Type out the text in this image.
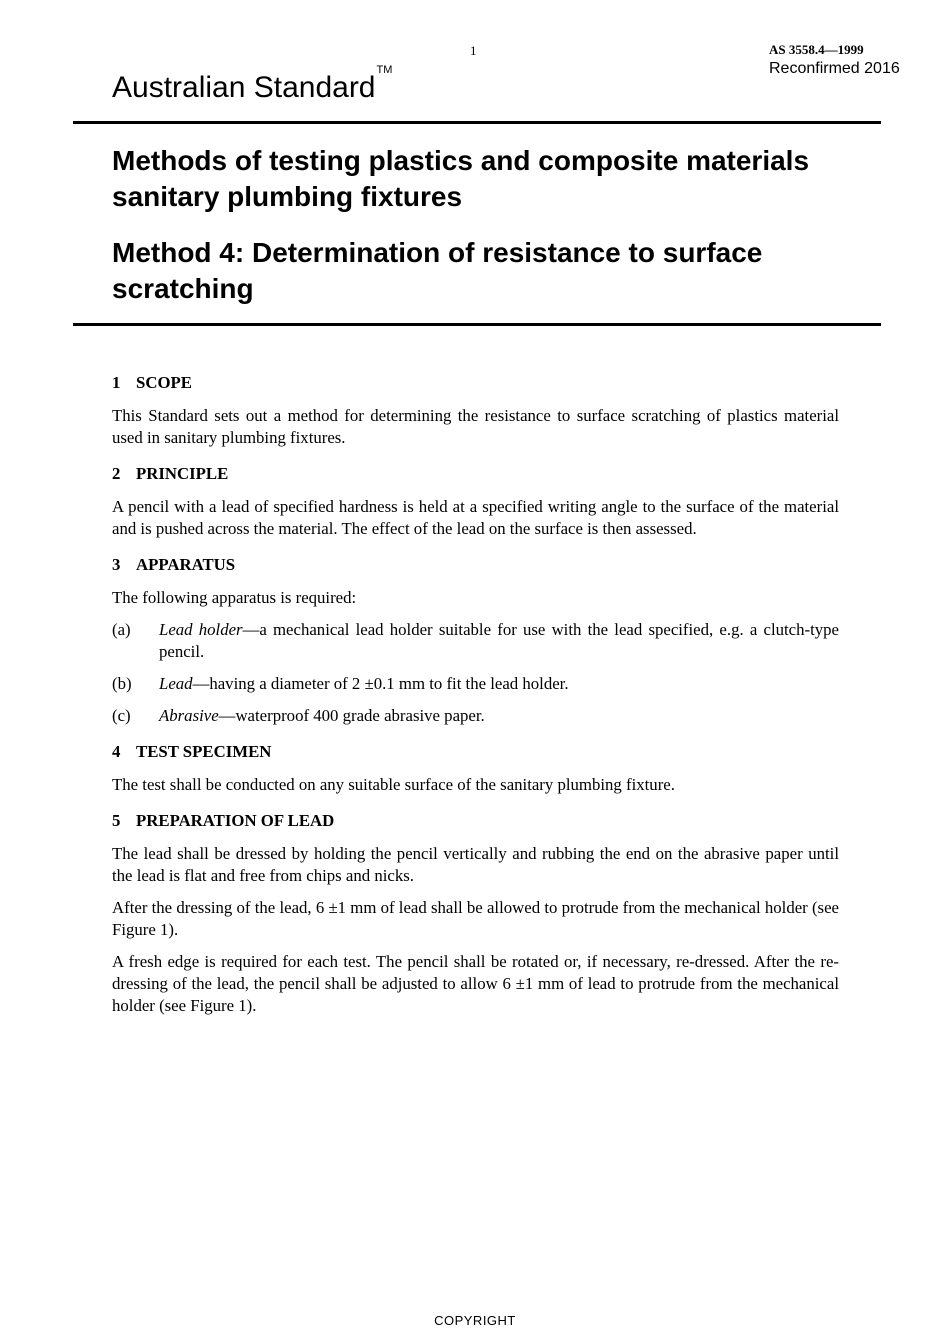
1	AS 3558.4—1999
Reconfirmed 2016
Australian Standard™
Methods of testing plastics and composite materials sanitary plumbing fixtures
Method 4: Determination of resistance to surface scratching
1 SCOPE

This Standard sets out a method for determining the resistance to surface scratching of plastics material used in sanitary plumbing fixtures.

2 PRINCIPLE

A pencil with a lead of specified hardness is held at a specified writing angle to the surface of the material and is pushed across the material. The effect of the lead on the surface is then assessed.

3 APPARATUS

The following apparatus is required:

(a)	Lead holder—a mechanical lead holder suitable for use with the lead specified, e.g. a clutch-type pencil.
(b)	Lead—having a diameter of 2 ±0.1 mm to fit the lead holder.
(c)	Abrasive—waterproof 400 grade abrasive paper.
4 TEST SPECIMEN

The test shall be conducted on any suitable surface of the sanitary plumbing fixture.

5 PREPARATION OF LEAD

The lead shall be dressed by holding the pencil vertically and rubbing the end on the abrasive paper until the lead is flat and free from chips and nicks.

After the dressing of the lead, 6 ±1 mm of lead shall be allowed to protrude from the mechanical holder (see Figure 1).

A fresh edge is required for each test. The pencil shall be rotated or, if necessary, re-dressed. After the re-dressing of the lead, the pencil shall be adjusted to allow 6 ±1 mm of lead to protrude from the mechanical holder (see Figure 1).

COPYRIGHT
